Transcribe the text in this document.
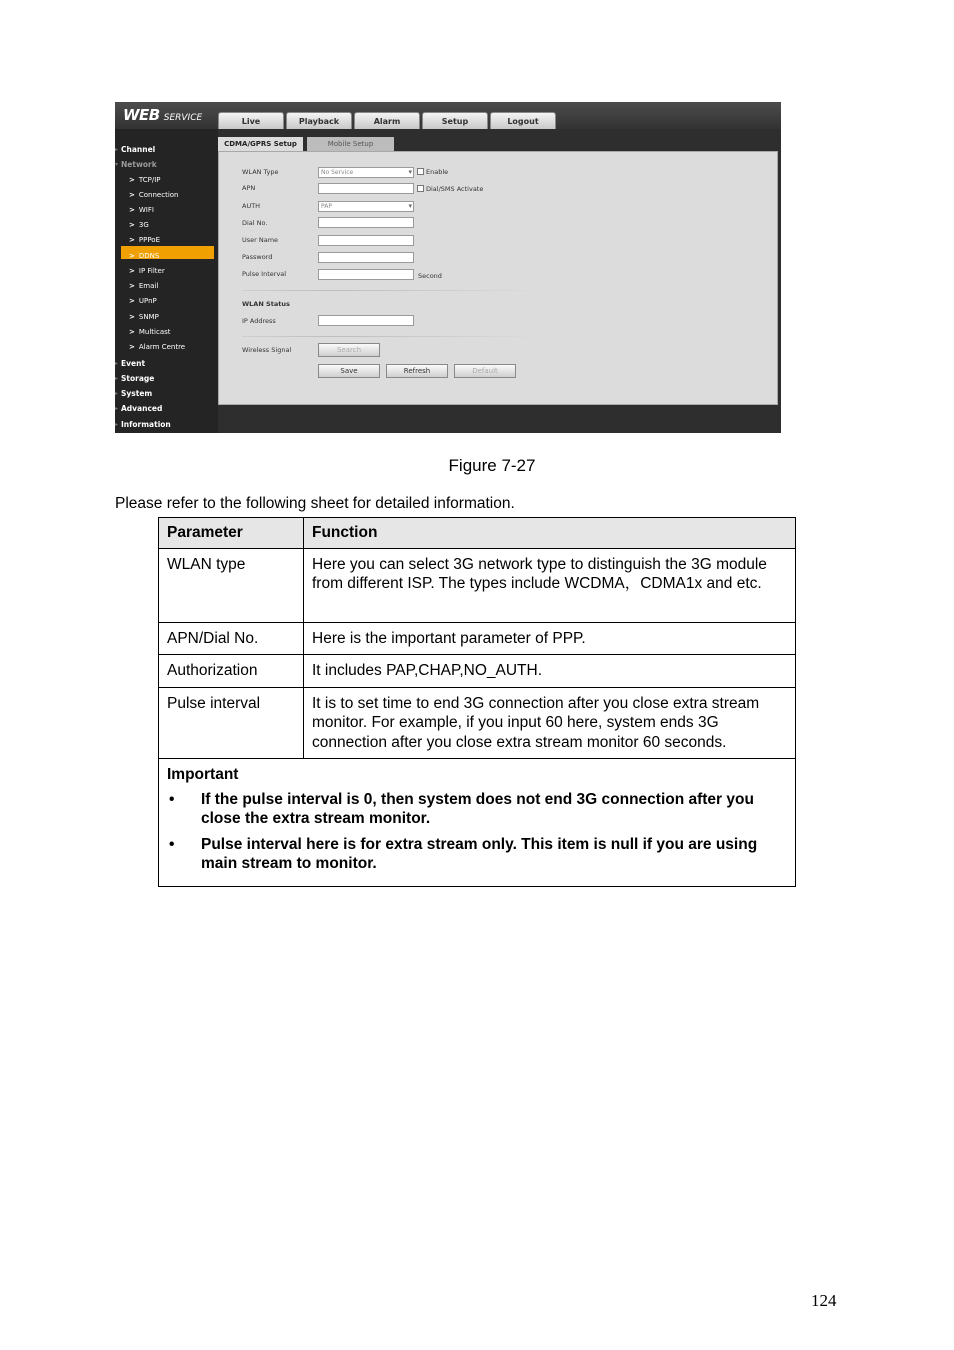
WEB SERVICE	Live	Playback	Alarm	Setup	Logout
▸ Channel
▾ Network
> TCP/IP
> Connection
> WIFI
> 3G
> PPPoE
> DDNS
> IP Filter
> Email
> UPnP
> SNMP
> Multicast
> Alarm Centre
▸ Event
▸ Storage
▸ System
▸ Advanced
▸ Information
CDMA/GPRS Setup	Mobile Setup
WLAN Type	No Service ▾	Enable
APN	Dial/SMS Activate
AUTH	PAP ▾
Dial No.
User Name
Password
Pulse Interval	Second
WLAN Status
IP Address
Wireless Signal	Search
Save	Refresh	Default
Figure 7-27
Please refer to the following sheet for detailed information.
Parameter	Function
WLAN type	Here you can select 3G network type to distinguish the 3G module from different ISP. The types include WCDMA，CDMA1x and etc.
APN/Dial No.	Here is the important parameter of PPP.
Authorization	It includes PAP,CHAP,NO_AUTH.
Pulse interval	It is to set time to end 3G connection after you close extra stream monitor. For example, if you input 60 here, system ends 3G connection after you close extra stream monitor 60 seconds.

Important
• If the pulse interval is 0, then system does not end 3G connection after you close the extra stream monitor.
• Pulse interval here is for extra stream only. This item is null if you are using main stream to monitor.	
124
